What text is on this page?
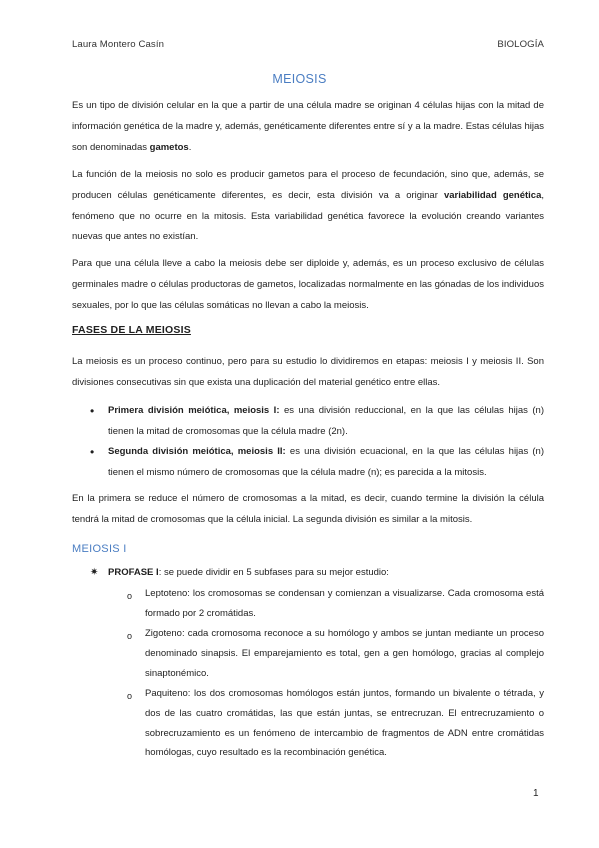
Laura Montero Casín	BIOLOGÍA
MEIOSIS
Es un tipo de división celular en la que a partir de una célula madre se originan 4 células hijas con la mitad de información genética de la madre y, además, genéticamente diferentes entre sí y a la madre. Estas células hijas son denominadas gametos.
La función de la meiosis no solo es producir gametos para el proceso de fecundación, sino que, además, se producen células genéticamente diferentes, es decir, esta división va a originar variabilidad genética, fenómeno que no ocurre en la mitosis. Esta variabilidad genética favorece la evolución creando variantes nuevas que antes no existían.
Para que una célula lleve a cabo la meiosis debe ser diploide y, además, es un proceso exclusivo de células germinales madre o células productoras de gametos, localizadas normalmente en las gónadas de los individuos sexuales, por lo que las células somáticas no llevan a cabo la meiosis.
FASES DE LA MEIOSIS
La meiosis es un proceso continuo, pero para su estudio lo dividiremos en etapas: meiosis I y meiosis II. Son divisiones consecutivas sin que exista una duplicación del material genético entre ellas.
• Primera división meiótica, meiosis I: es una división reduccional, en la que las células hijas (n) tienen la mitad de cromosomas que la célula madre (2n).
• Segunda división meiótica, meiosis II: es una división ecuacional, en la que las células hijas (n) tienen el mismo número de cromosomas que la célula madre (n); es parecida a la mitosis.
En la primera se reduce el número de cromosomas a la mitad, es decir, cuando termine la división la célula tendrá la mitad de cromosomas que la célula inicial. La segunda división es similar a la mitosis.
MEIOSIS I
✷ PROFASE I: se puede dividir en 5 subfases para su mejor estudio:
o Leptoteno: los cromosomas se condensan y comienzan a visualizarse. Cada cromosoma está formado por 2 cromátidas.
o Zigoteno: cada cromosoma reconoce a su homólogo y ambos se juntan mediante un proceso denominado sinapsis. El emparejamiento es total, gen a gen homólogo, gracias al complejo sinaptonémico.
o Paquiteno: los dos cromosomas homólogos están juntos, formando un bivalente o tétrada, y dos de las cuatro cromátidas, las que están juntas, se entrecruzan. El entrecruzamiento o sobrecruzamiento es un fenómeno de intercambio de fragmentos de ADN entre cromátidas homólogas, cuyo resultado es la recombinación genética.
1
